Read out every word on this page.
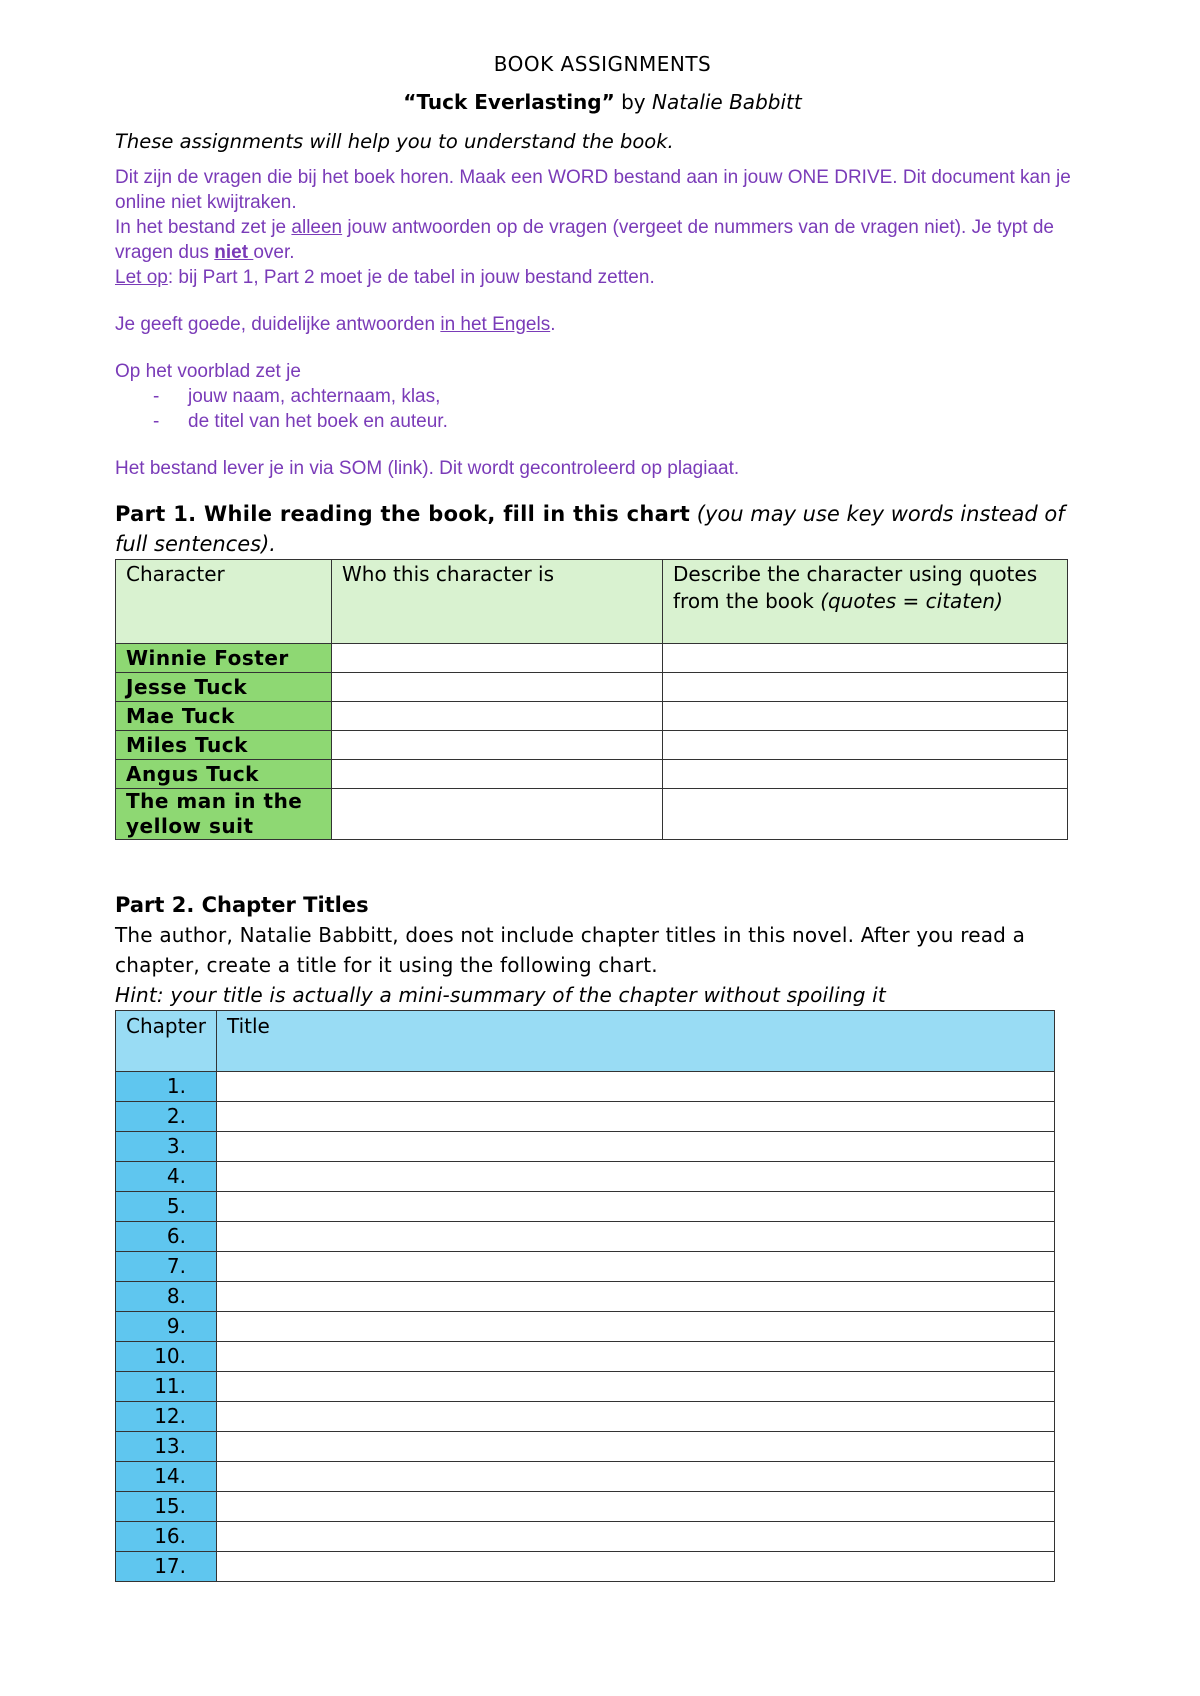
BOOK ASSIGNMENTS

“Tuck Everlasting” by Natalie Babbitt

These assignments will help you to understand the book.

Dit zijn de vragen die bij het boek horen. Maak een WORD bestand aan in jouw ONE DRIVE. Dit document kan je online niet kwijtraken.

In het bestand zet je alleen jouw antwoorden op de vragen (vergeet de nummers van de vragen niet). Je typt de vragen dus niet over.

Let op: bij Part 1, Part 2 moet je de tabel in jouw bestand zetten.

Je geeft goede, duidelijke antwoorden in het Engels.

Op het voorblad zet je

- jouw naam, achternaam, klas,
- de titel van het boek en auteur.

Het bestand lever je in via SOM (link). Dit wordt gecontroleerd op plagiaat.

Part 1. While reading the book, fill in this chart (you may use key words instead of full sentences).

Character	Who this character is	Describe the character using quotes from the book (quotes = citaten)
Winnie Foster		
Jesse Tuck		
Mae Tuck		
Miles Tuck		
Angus Tuck		
The man in the yellow suit		

Part 2. Chapter Titles

The author, Natalie Babbitt, does not include chapter titles in this novel. After you read a chapter, create a title for it using the following chart.

Hint: your title is actually a mini-summary of the chapter without spoiling it

Chapter	Title
1.	
2.	
3.	
4.	
5.	
6.	
7.	
8.	
9.	
10.	
11.	
12.	
13.	
14.	
15.	
16.	
17.	
